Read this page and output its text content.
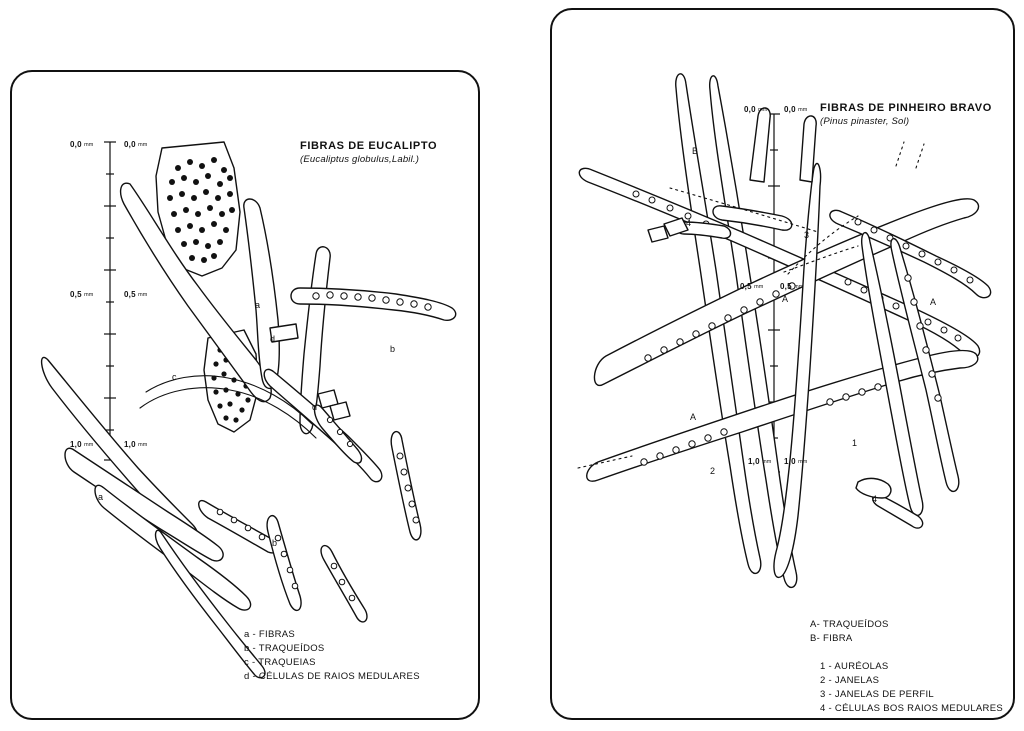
FIBRAS DE EUCALIPTO
(Eucaliptus globulus,Labil.)
0,0 mm	0,0 mm
0,5 mm	0,5 mm
1,0 mm	1,0 mm
a
a
b
b
c
d
d
a - FIBRAS
b - TRAQUEÍDOS
c - TRAQUEIAS
d - CÉLULAS DE RAIOS MEDULARES
FIBRAS DE PINHEIRO BRAVO
(Pinus pinaster, Sol)
0,0 mm 0,0 mm
0,5 mm 0,5 mm
1,0 mm 1,0 mm
A
A
A
B
1
2
3
4
4
A- TRAQUEÍDOS
B- FIBRA
1 - AURÉOLAS
2 - JANELAS
3 - JANELAS DE PERFIL
4 - CÉLULAS BOS RAIOS MEDULARES
